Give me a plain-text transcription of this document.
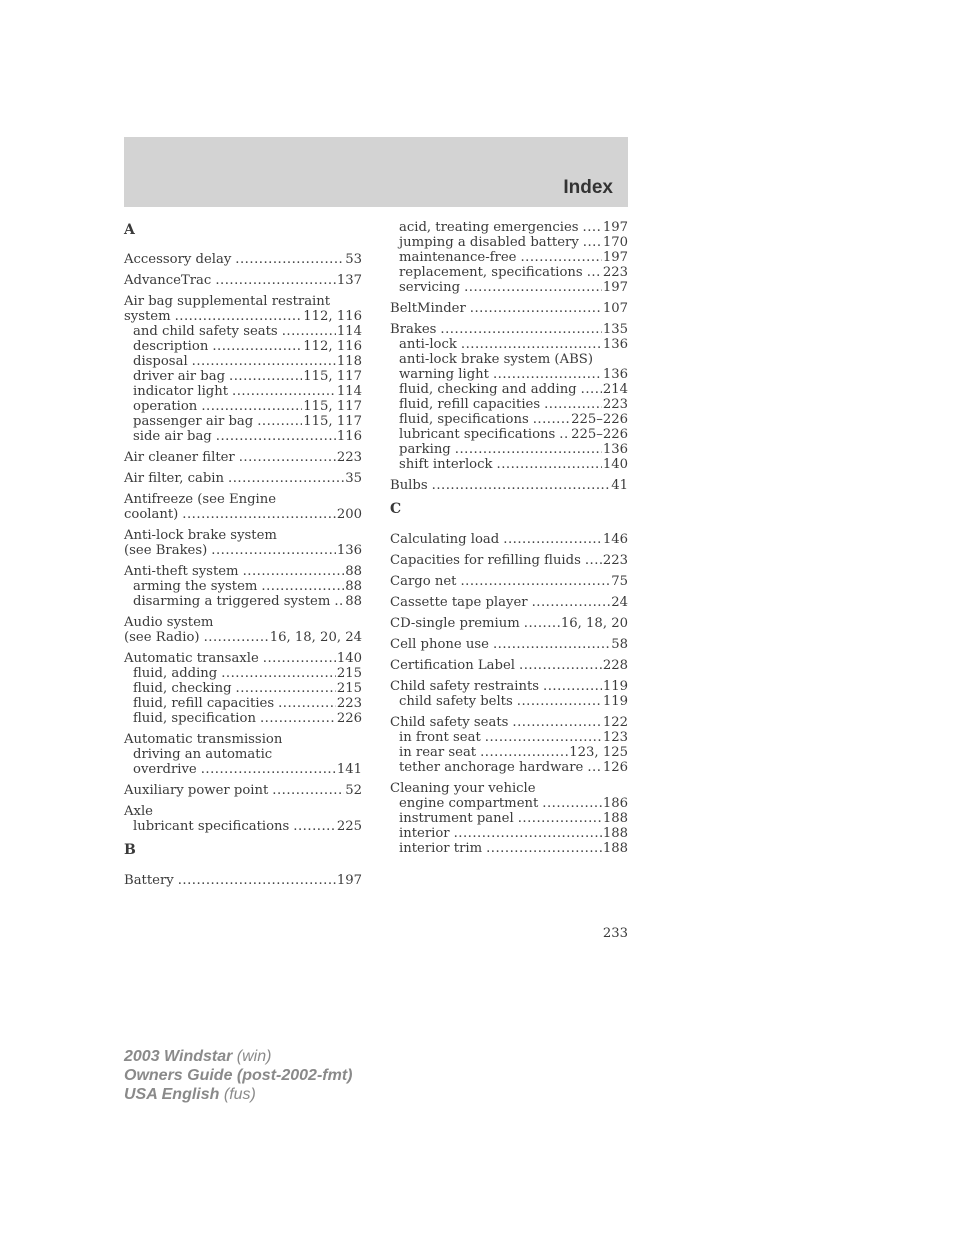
Index
A
Accessory delay .....	53
AdvanceTrac .....	137
Air bag supplemental restraint
system .....	112, 116
and child safety seats .....	114
description .....	112, 116
disposal .....	118
driver air bag .....	115, 117
indicator light .....	114
operation .....	115, 117
passenger air bag .....	115, 117
side air bag .....	116
Air cleaner filter .....	223
Air filter, cabin .....	35
Antifreeze (see Engine
coolant) .....	200
Anti-lock brake system
(see Brakes) .....	136
Anti-theft system .....	88
arming the system .....	88
disarming a triggered system ..... 88
Audio system
(see Radio) .....	16, 18, 20, 24
Automatic transaxle .....	140
fluid, adding .....	215
fluid, checking .....	215
fluid, refill capacities .....	223
fluid, specification .....	226
Automatic transmission
driving an automatic
overdrive .....	141
Auxiliary power point .....	52
Axle
lubricant specifications .....	225
B
Battery .....	197
acid, treating emergencies ..... 197
jumping a disabled battery ..... 170
maintenance-free .....	197
replacement, specifications ..... 223
servicing .....	197
BeltMinder .....	107
Brakes .....	135
anti-lock .....	136
anti-lock brake system (ABS)
warning light .....	136
fluid, checking and adding ..... 214
fluid, refill capacities .....	223
fluid, specifications .....	225–226
lubricant specifications ..... 225–226
parking .....	136
shift interlock .....	140
Bulbs .....	41
C
Calculating load .....	146
Capacities for refilling fluids ..... 223
Cargo net .....	75
Cassette tape player .....	24
CD-single premium .....	16, 18, 20
Cell phone use .....	58
Certification Label .....	228
Child safety restraints .....	119
child safety belts .....	119
Child safety seats .....	122
in front seat .....	123
in rear seat .....	123, 125
tether anchorage hardware ..... 126
Cleaning your vehicle
engine compartment .....	186
instrument panel .....	188
interior .....	188
interior trim .....	188
233
2003 Windstar (win)
Owners Guide (post-2002-fmt)
USA English (fus)
